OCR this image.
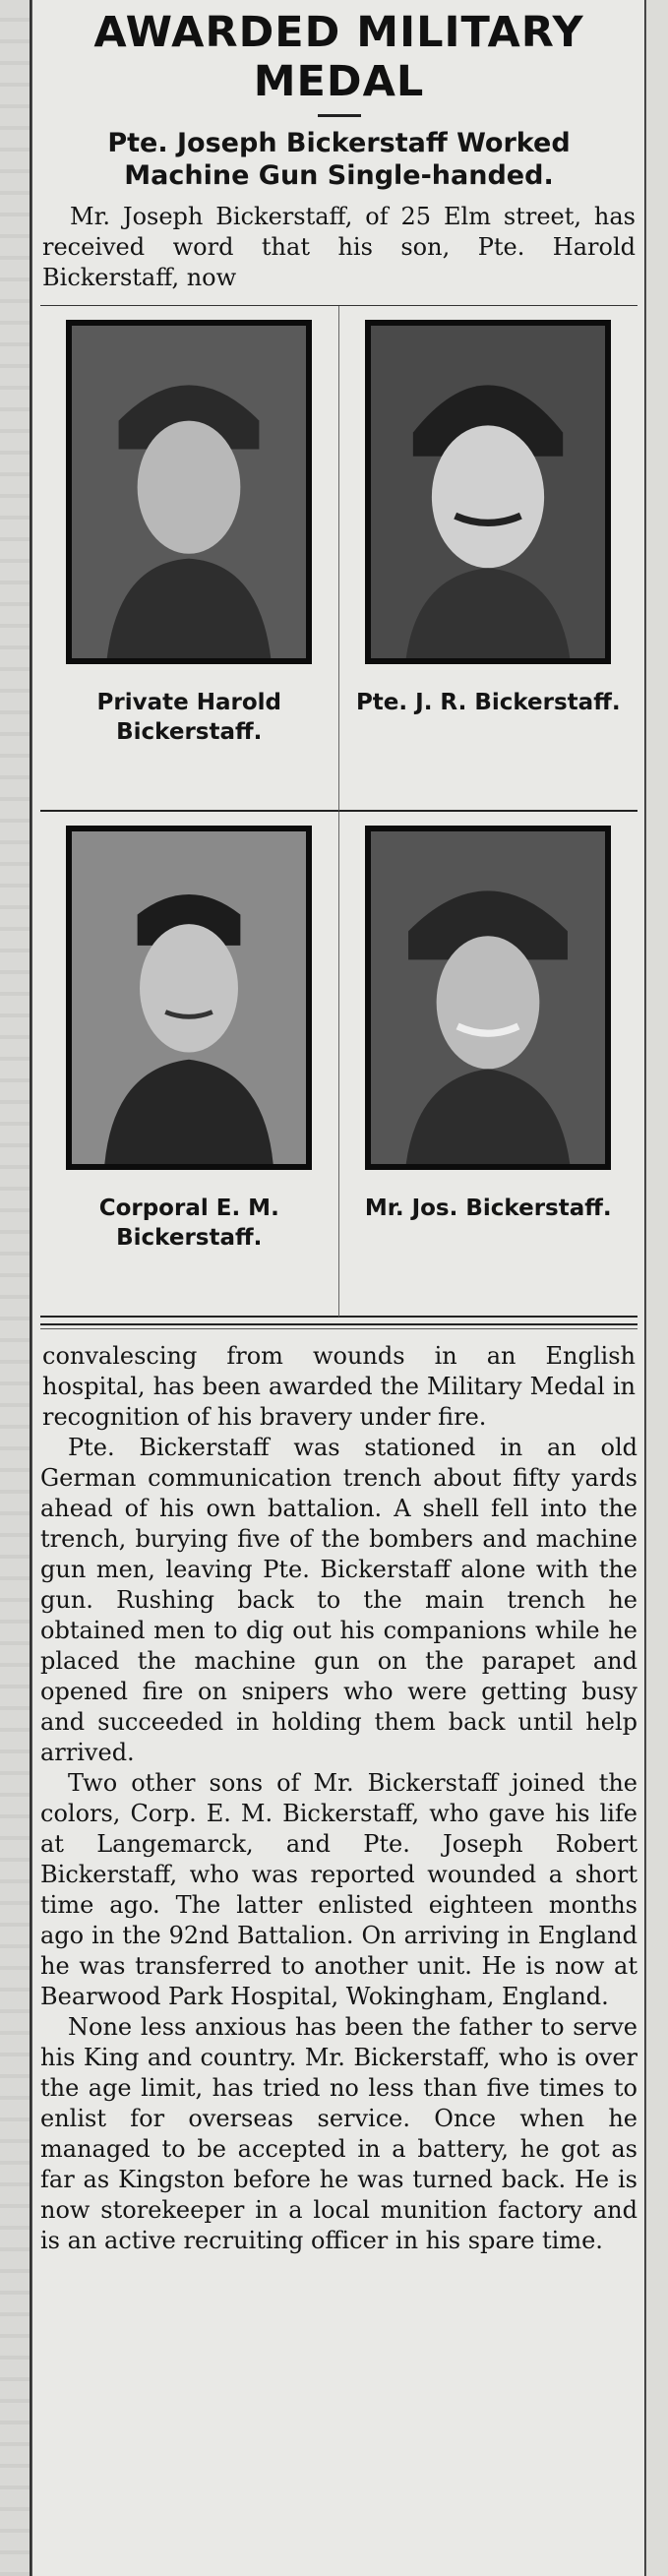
AWARDED MILITARY MEDAL
Pte. Joseph Bickerstaff Worked Machine Gun Single-handed.
Mr. Joseph Bickerstaff, of 25 Elm street, has received word that his son, Pte. Harold Bickerstaff, now
Private Harold Bickerstaff.
Pte. J. R. Bickerstaff.
Corporal E. M. Bickerstaff.
Mr. Jos. Bickerstaff.

convalescing from wounds in an English hospital, has been awarded the Military Medal in recognition of his bravery under fire.

Pte. Bickerstaff was stationed in an old German communication trench about fifty yards ahead of his own battalion. A shell fell into the trench, burying five of the bombers and machine gun men, leaving Pte. Bickerstaff alone with the gun. Rushing back to the main trench he obtained men to dig out his companions while he placed the machine gun on the parapet and opened fire on snipers who were getting busy and succeeded in holding them back until help arrived.

Two other sons of Mr. Bickerstaff joined the colors, Corp. E. M. Bickerstaff, who gave his life at Langemarck, and Pte. Joseph Robert Bickerstaff, who was reported wounded a short time ago. The latter enlisted eighteen months ago in the 92nd Battalion. On arriving in England he was transferred to another unit. He is now at Bearwood Park Hospital, Wokingham, England.

None less anxious has been the father to serve his King and country. Mr. Bickerstaff, who is over the age limit, has tried no less than five times to enlist for overseas service. Once when he managed to be accepted in a battery, he got as far as Kingston before he was turned back. He is now storekeeper in a local munition factory and is an active recruiting officer in his spare time.
